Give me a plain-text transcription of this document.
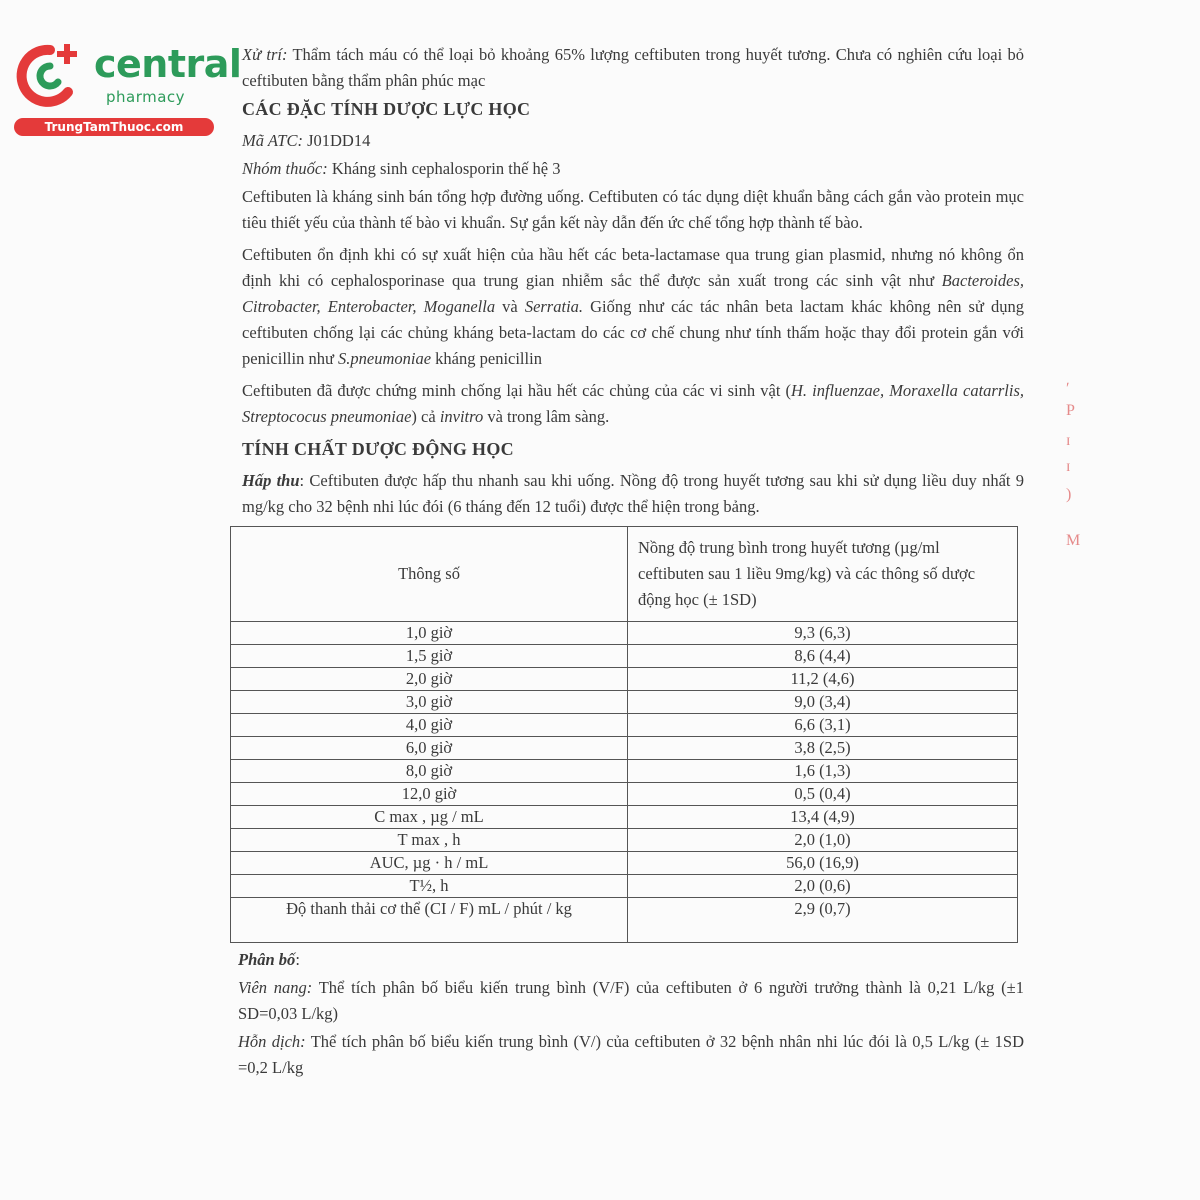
central
pharmacy
TrungTamThuoc.com

Xử trí: Thẩm tách máu có thể loại bỏ khoảng 65% lượng ceftibuten trong huyết tương. Chưa có nghiên cứu loại bỏ ceftibuten bằng thẩm phân phúc mạc

CÁC ĐẶC TÍNH DƯỢC LỰC HỌC

Mã ATC: J01DD14

Nhóm thuốc: Kháng sinh cephalosporin thế hệ 3

Ceftibuten là kháng sinh bán tổng hợp đường uống. Ceftibuten có tác dụng diệt khuẩn bằng cách gắn vào protein mục tiêu thiết yếu của thành tế bào vi khuẩn. Sự gắn kết này dẫn đến ức chế tổng hợp thành tế bào.

Ceftibuten ổn định khi có sự xuất hiện của hầu hết các beta-lactamase qua trung gian plasmid, nhưng nó không ổn định khi có cephalosporinase qua trung gian nhiễm sắc thể được sản xuất trong các sinh vật như Bacteroides, Citrobacter, Enterobacter, Moganella và Serratia. Giống như các tác nhân beta lactam khác không nên sử dụng ceftibuten chống lại các chủng kháng beta-lactam do các cơ chế chung như tính thấm hoặc thay đổi protein gắn với penicillin như S.pneumoniae kháng penicillin

Ceftibuten đã được chứng minh chống lại hầu hết các chủng của các vi sinh vật (H. influenzae, Moraxella catarrlis, Streptococus pneumoniae) cả invitro và trong lâm sàng.

TÍNH CHẤT DƯỢC ĐỘNG HỌC

Hấp thu: Ceftibuten được hấp thu nhanh sau khi uống. Nồng độ trong huyết tương sau khi sử dụng liều duy nhất 9 mg/kg cho 32 bệnh nhi lúc đói (6 tháng đến 12 tuổi) được thể hiện trong bảng.

Thông số	Nồng độ trung bình trong huyết tương (µg/ml ceftibuten sau 1 liều 9mg/kg) và các thông số dược động học (± 1SD)
1,0 giờ	9,3 (6,3)
1,5 giờ	8,6 (4,4)
2,0 giờ	11,2 (4,6)
3,0 giờ	9,0 (3,4)
4,0 giờ	6,6 (3,1)
6,0 giờ	3,8 (2,5)
8,0 giờ	1,6 (1,3)
12,0 giờ	0,5 (0,4)
C max , µg / mL	13,4 (4,9)
T max , h	2,0 (1,0)
AUC, µg · h / mL	56,0 (16,9)
T½, h	2,0 (0,6)
Độ thanh thải cơ thể (CI / F) mL / phút / kg	2,9 (0,7)

Phân bố:

Viên nang: Thể tích phân bố biểu kiến trung bình (V/F) của ceftibuten ở 6 người trưởng thành là 0,21 L/kg (±1 SD=0,03 L/kg)

Hỗn dịch: Thể tích phân bố biểu kiến trung bình (V/) của ceftibuten ở 32 bệnh nhân nhi lúc đói là 0,5 L/kg (± 1SD =0,2 L/kg

ʹ
P
ɪ
ɪ
)
M
